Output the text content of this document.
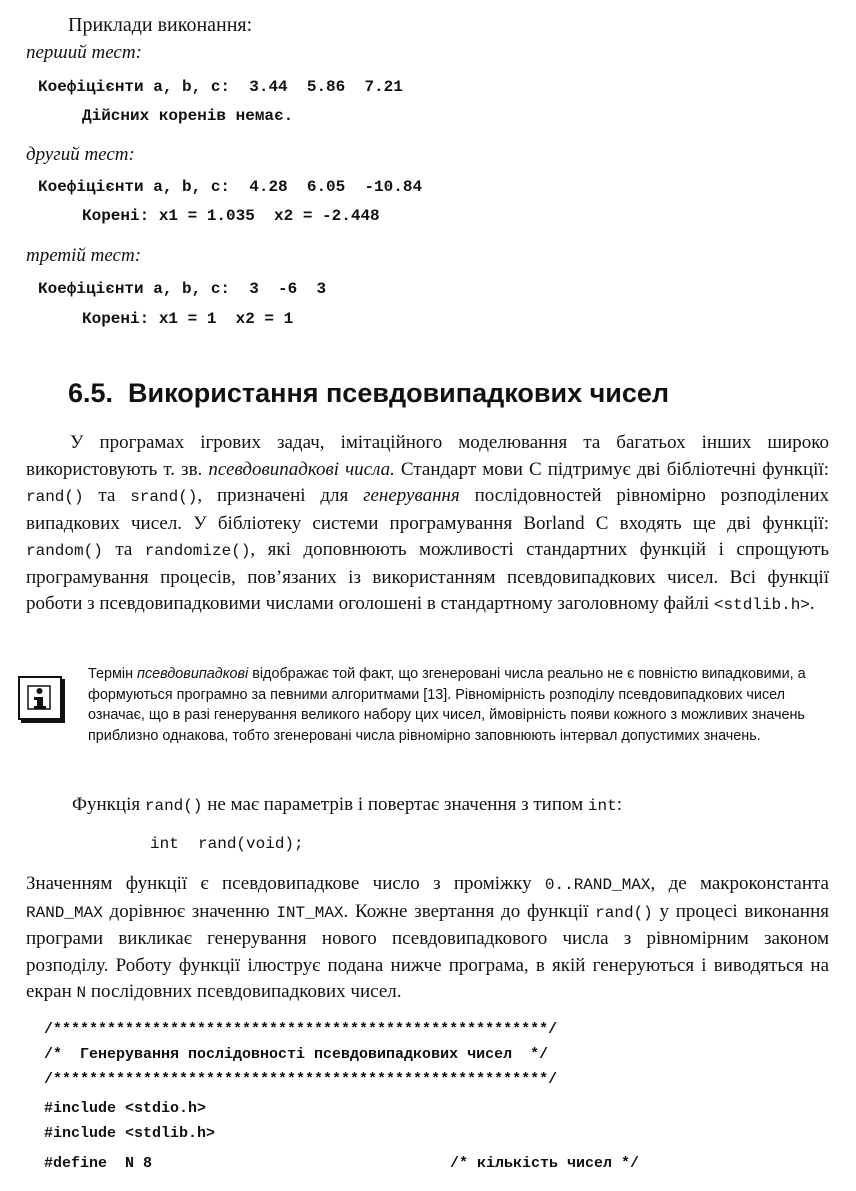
Приклади виконання:
перший тест:
Коефіцієнти a, b, c:  3.44  5.86  7.21
Дійсних коренів немає.
другий тест:
Коефіцієнти a, b, c:  4.28  6.05  -10.84
Корені: x1 = 1.035  x2 = -2.448
третій тест:
Коефіцієнти a, b, c:  3  -6  3
Корені: x1 = 1  x2 = 1
6.5.  Використання псевдовипадкових чисел
У програмах ігрових задач, імітаційного моделювання та багатьох інших широко використовують т. зв. псевдовипадкові числа. Стандарт мови С підтримує дві бібліотечні функції: rand() та srand(), призначені для генерування послідовностей рівномірно розподілених випадкових чисел. У бібліотеку системи програмування Borland C входять ще дві функції: random() та randomize(), які доповнюють можливості стандартних функцій і спрощують програмування процесів, пов’язаних із використанням псевдовипадкових чисел. Всі функції роботи з псевдовипадковими числами оголошені в стандартному заголовному файлі <stdlib.h>.
Термін псевдовипадкові відображає той факт, що згенеровані числа реально не є повністю випадковими, а формуються програмно за певними алгоритмами [13]. Рівномірність розподілу псевдовипадкових чисел означає, що в разі генерування великого набору цих чисел, ймовірність появи кожного з можливих значень приблизно однакова, тобто згенеровані числа рівномірно заповнюють інтервал допустимих значень.
Функція rand() не має параметрів і повертає значення з типом int:
int  rand(void);
Значенням функції є псевдовипадкове число з проміжку 0..RAND_MAX, де макроконстанта RAND_MAX дорівнює значенню INT_MAX. Кожне звертання до функції rand() у процесі виконання програми викликає генерування нового псевдовипадкового числа з рівномірним законом розподілу. Роботу функції ілюструє подана нижче програма, в якій генеруються і виводяться на екран N послідовних псевдовипадкових чисел.
/*******************************************************/
/*  Генерування послідовності псевдовипадкових чисел  */
/*******************************************************/
#include <stdio.h>
#include <stdlib.h>
#define  N 8	/* кількість чисел */
